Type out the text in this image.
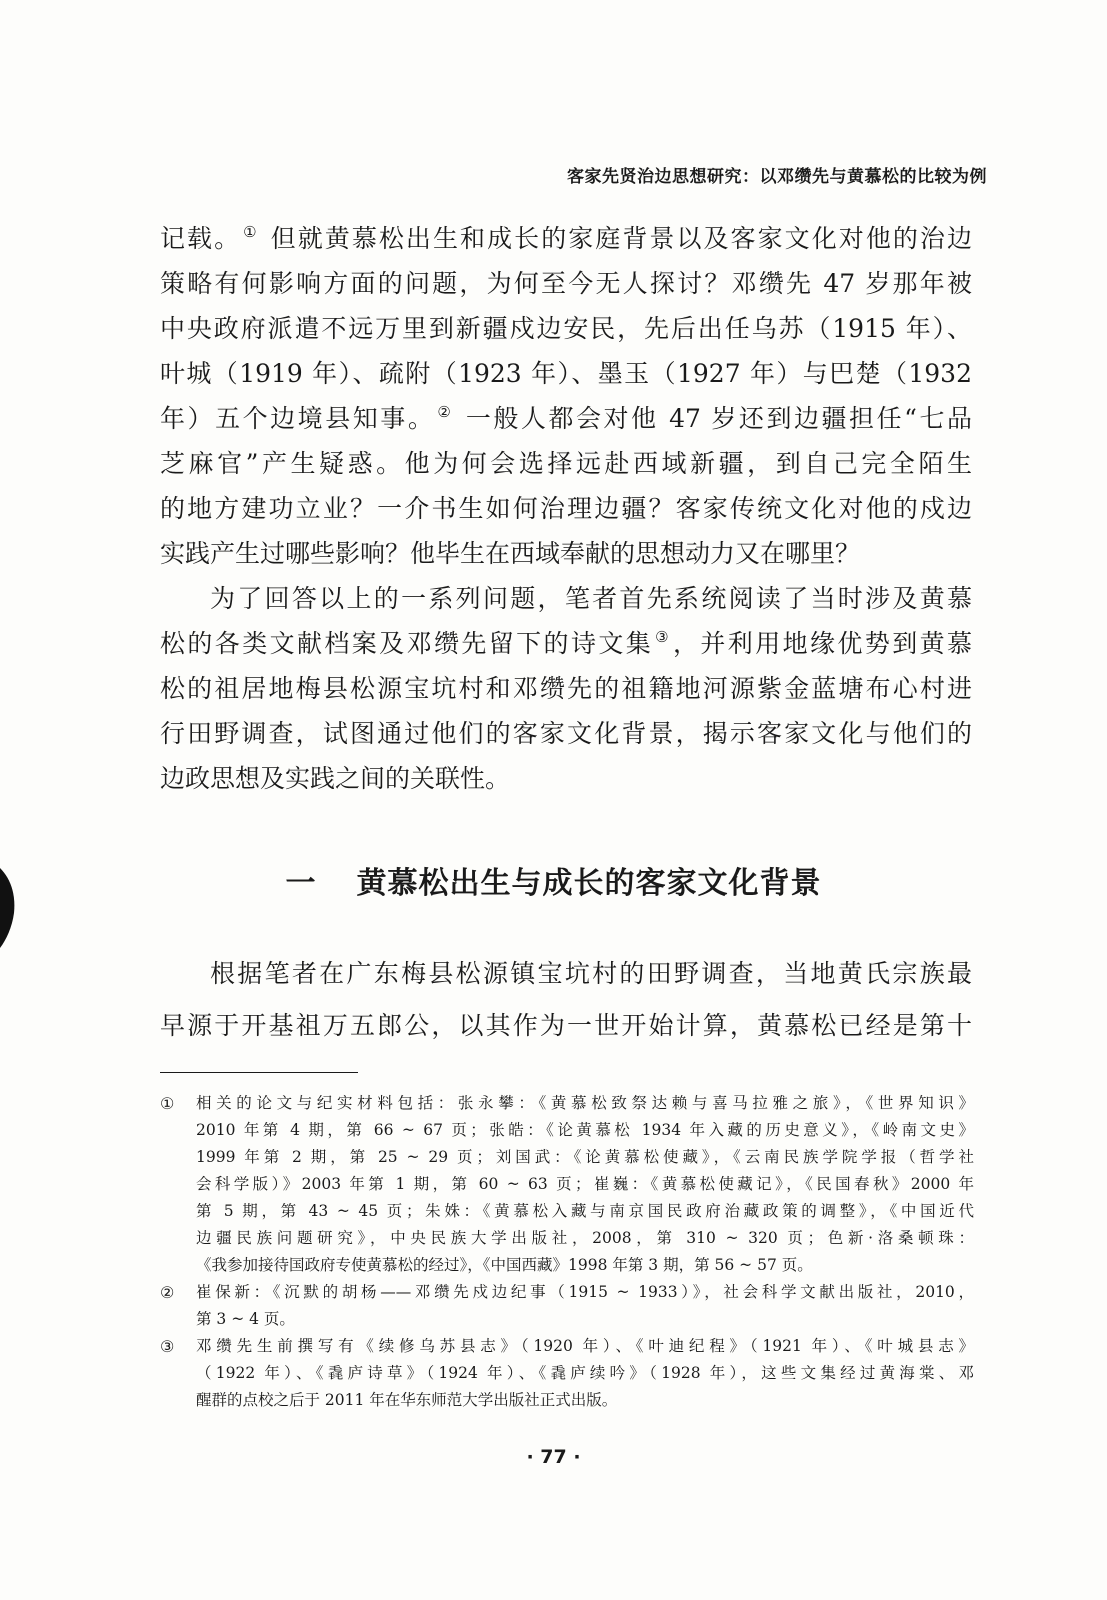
客家先贤治边思想研究：以邓缵先与黄慕松的比较为例
记载。 ① 但就黄慕松出生和成长的家庭背景以及客家文化对他的治边
策略有何影响方面的问题，为何至今无人探讨？邓缵先 47 岁那年被
中央政府派遣不远万里到新疆戍边安民，先后出任乌苏（1915 年）、
叶城（1919 年）、疏附（1923 年）、墨玉（1927 年）与巴楚（1932
年）五个边境县知事。 ② 一般人都会对他 47 岁还到边疆担任“七品
芝麻官”产生疑惑。他为何会选择远赴西域新疆，到自己完全陌生
的地方建功立业？一介书生如何治理边疆？客家传统文化对他的戍边
实践产生过哪些影响？他毕生在西域奉献的思想动力又在哪里？
为了回答以上的一系列问题，笔者首先系统阅读了当时涉及黄慕
松的各类文献档案及邓缵先留下的诗文集 ③，并利用地缘优势到黄慕
松的祖居地梅县松源宝坑村和邓缵先的祖籍地河源紫金蓝塘布心村进
行田野调查，试图通过他们的客家文化背景，揭示客家文化与他们的
边政思想及实践之间的关联性。
一 黄慕松出生与成长的客家文化背景
根据笔者在广东梅县松源镇宝坑村的田野调查，当地黄氏宗族最
早源于开基祖万五郎公，以其作为一世开始计算，黄慕松已经是第十
① 相关的论文与纪实材料包括：张永攀：《黄慕松致祭达赖与喜马拉雅之旅》，《世界知识》
2010 年第 4 期，第 66 ~ 67 页；张皓：《论黄慕松 1934 年入藏的历史意义》，《岭南文史》
1999 年第 2 期，第 25 ~ 29 页；刘国武：《论黄慕松使藏》，《云南民族学院学报（哲学社
会科学版）》2003 年第 1 期，第 60 ~ 63 页；崔巍：《黄慕松使藏记》，《民国春秋》2000 年
第 5 期，第 43 ~ 45 页；朱姝：《黄慕松入藏与南京国民政府治藏政策的调整》，《中国近代
边疆民族问题研究》，中央民族大学出版社，2008，第 310 ~ 320 页；色新·洛桑顿珠：
《我参加接待国政府专使黄慕松的经过》，《中国西藏》1998 年第 3 期，第 56 ~ 57 页。
② 崔保新：《沉默的胡杨——邓缵先戍边纪事（1915 ~ 1933）》，社会科学文献出版社，2010，
第 3 ~ 4 页。
③ 邓缵先生前撰写有《续修乌苏县志》（1920 年）、《叶迪纪程》（1921 年）、《叶城县志》
（1922 年）、《毳庐诗草》（1924 年）、《毳庐续吟》（1928 年），这些文集经过黄海棠、邓
醒群的点校之后于 2011 年在华东师范大学出版社正式出版。
· 77 ·
